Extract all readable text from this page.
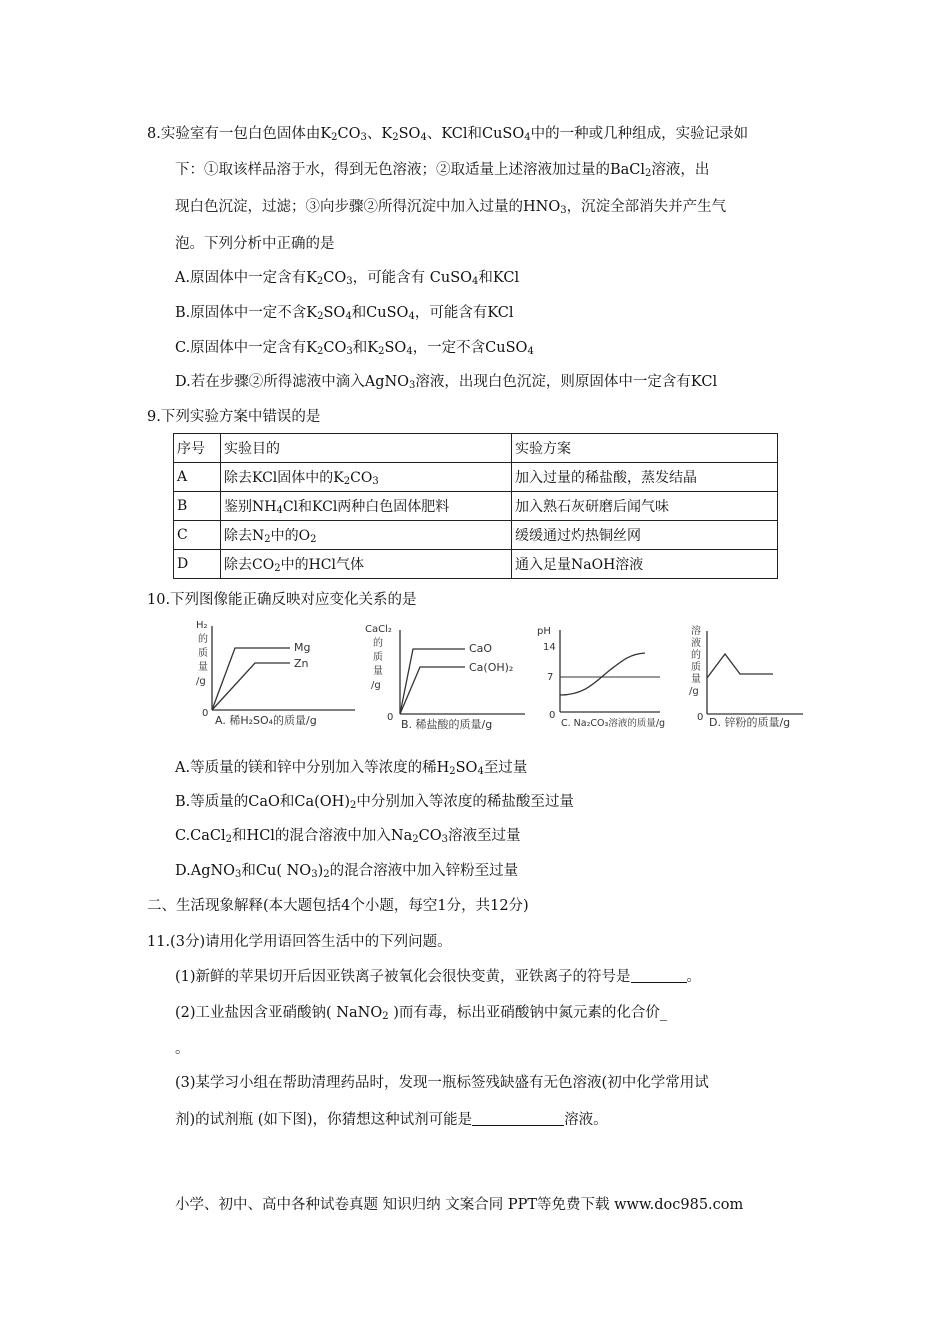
8.实验室有一包白色固体由$K_2CO_3$、$K_2SO_4$、KCl和CuSO$_4$中的一种或几种组成，实验记录如
下：①取该样品溶于水，得到无色溶液；②取适量上述溶液加过量的BaCl$_2$溶液，出
现白色沉淀，过滤；③向步骤②所得沉淀中加入过量的$HNO_3$，沉淀全部消失并产生气
泡。下列分析中正确的是
A.原固体中一定含有$K_2CO_3$，可能含有 CuSO$_4$和KCl
B.原固体中一定不含$K_2SO_4$和CuSO$_4$，可能含有KCl
C.原固体中一定含有$K_2CO_3$和$K_2SO_4$，一定不含CuSO$_4$
D.若在步骤②所得滤液中滴入AgNO$_3$溶液，出现白色沉淀，则原固体中一定含有KCl
9.下列实验方案中错误的是
序号	实验目的	实验方案
A	除去KCl固体中的$K_2CO_3$	加入过量的稀盐酸，蒸发结晶
B	鉴别$NH_4Cl$和KCl两种白色固体肥料	加入熟石灰研磨后闻气味
C	除去$N_2$中的$O_2$	缓缓通过灼热铜丝网
D	除去$CO_2$中的HCl气体	通入足量NaOH溶液
10.下列图像能正确反映对应变化关系的是
H₂
的
质
量
/g
Mg
Zn
0
A. 稀H₂SO₄的质量/g
CaCl₂
的
质
量
/g
CaO
Ca(OH)₂
0
B. 稀盐酸的质量/g
pH
14
7
0
C. Na₂CO₃溶液的质量/g
溶
液
的
质
量
/g
0 D. 锌粉的质量/g
A.等质量的镁和锌中分别加入等浓度的稀$H_2SO_4$至过量
B.等质量的CaO和$Ca(OH)_2$中分别加入等浓度的稀盐酸至过量
C.CaCl$_2$和HCl的混合溶液中加入$Na_2CO_3$溶液至过量
D.AgNO$_3$和Cu( $NO_3)_2$的混合溶液中加入锌粉至过量
二、生活现象解释(本大题包括4个小题，每空1分，共12分)
11.(3分)请用化学用语回答生活中的下列问题。
(1)新鲜的苹果切开后因亚铁离子被氧化会很快变黄，亚铁离子的符号是	。
(2)工业盐因含亚硝酸钠( NaNO$_2$ )而有毒，标出亚硝酸钠中氮元素的化合价_
。
(3)某学习小组在帮助清理药品时，发现一瓶标签残缺盛有无色溶液(初中化学常用试
剂)的试剂瓶 (如下图)，你猜想这种试剂可能是	溶液。
小学、初中、高中各种试卷真题 知识归纳 文案合同 PPT等免费下载 www.doc985.com
